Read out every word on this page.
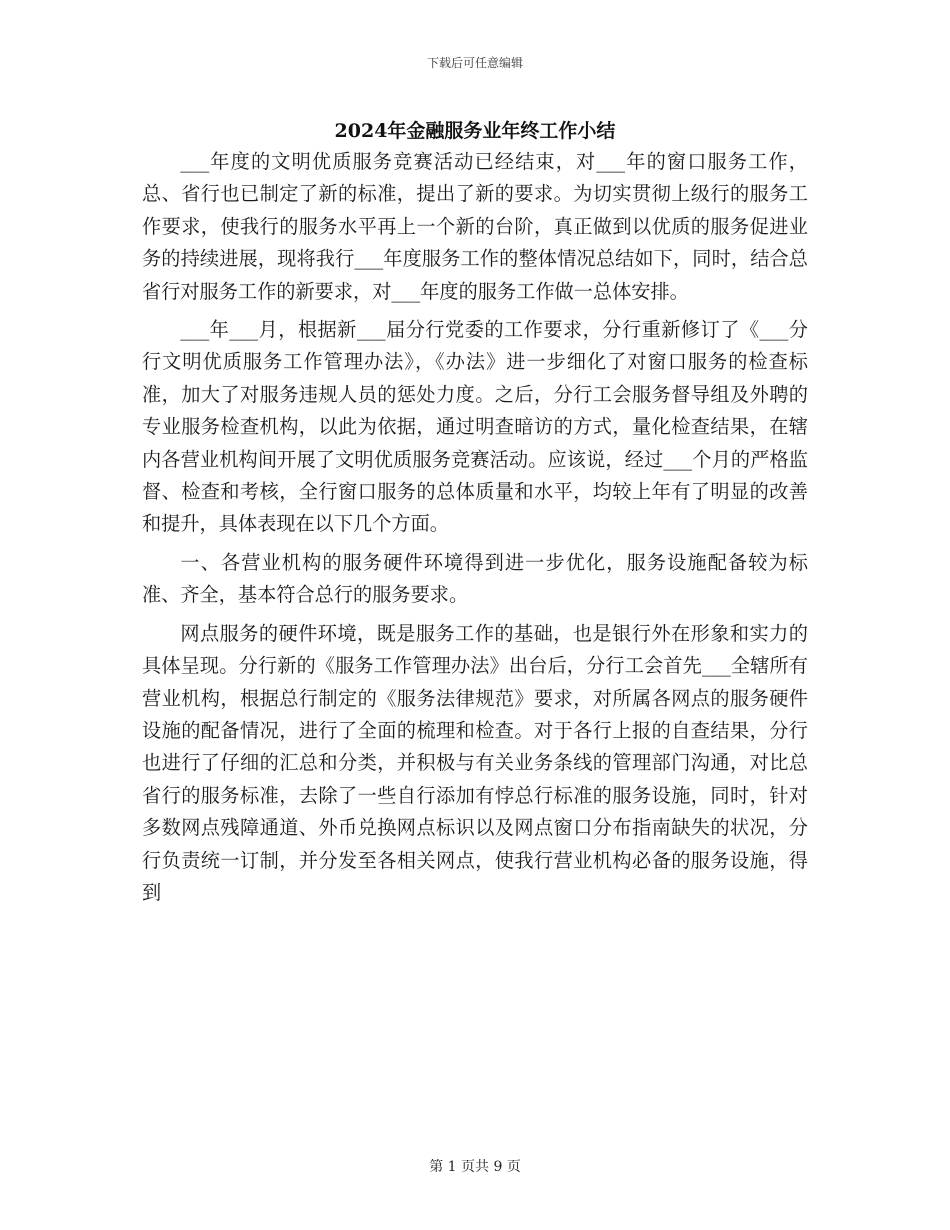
下载后可任意编辑
2024年金融服务业年终工作小结

___年度的文明优质服务竞赛活动已经结束，对___年的窗口服务工作，总、省行也已制定了新的标准，提出了新的要求。为切实贯彻上级行的服务工作要求，使我行的服务水平再上一个新的台阶，真正做到以优质的服务促进业务的持续进展，现将我行___年度服务工作的整体情况总结如下，同时，结合总省行对服务工作的新要求，对___年度的服务工作做一总体安排。

___年___月，根据新___届分行党委的工作要求，分行重新修订了《___分行文明优质服务工作管理办法》，《办法》进一步细化了对窗口服务的检查标准，加大了对服务违规人员的惩处力度。之后，分行工会服务督导组及外聘的专业服务检查机构，以此为依据，通过明查暗访的方式，量化检查结果，在辖内各营业机构间开展了文明优质服务竞赛活动。应该说，经过___个月的严格监督、检查和考核，全行窗口服务的总体质量和水平，均较上年有了明显的改善和提升，具体表现在以下几个方面。

一、各营业机构的服务硬件环境得到进一步优化，服务设施配备较为标准、齐全，基本符合总行的服务要求。

网点服务的硬件环境，既是服务工作的基础，也是银行外在形象和实力的具体呈现。分行新的《服务工作管理办法》出台后，分行工会首先___全辖所有营业机构，根据总行制定的《服务法律规范》要求，对所属各网点的服务硬件设施的配备情况，进行了全面的梳理和检查。对于各行上报的自查结果，分行也进行了仔细的汇总和分类，并积极与有关业务条线的管理部门沟通，对比总省行的服务标准，去除了一些自行添加有悖总行标准的服务设施，同时，针对多数网点残障通道、外币兑换网点标识以及网点窗口分布指南缺失的状况，分行负责统一订制，并分发至各相关网点，使我行营业机构必备的服务设施，得到

第 1 页共 9 页
